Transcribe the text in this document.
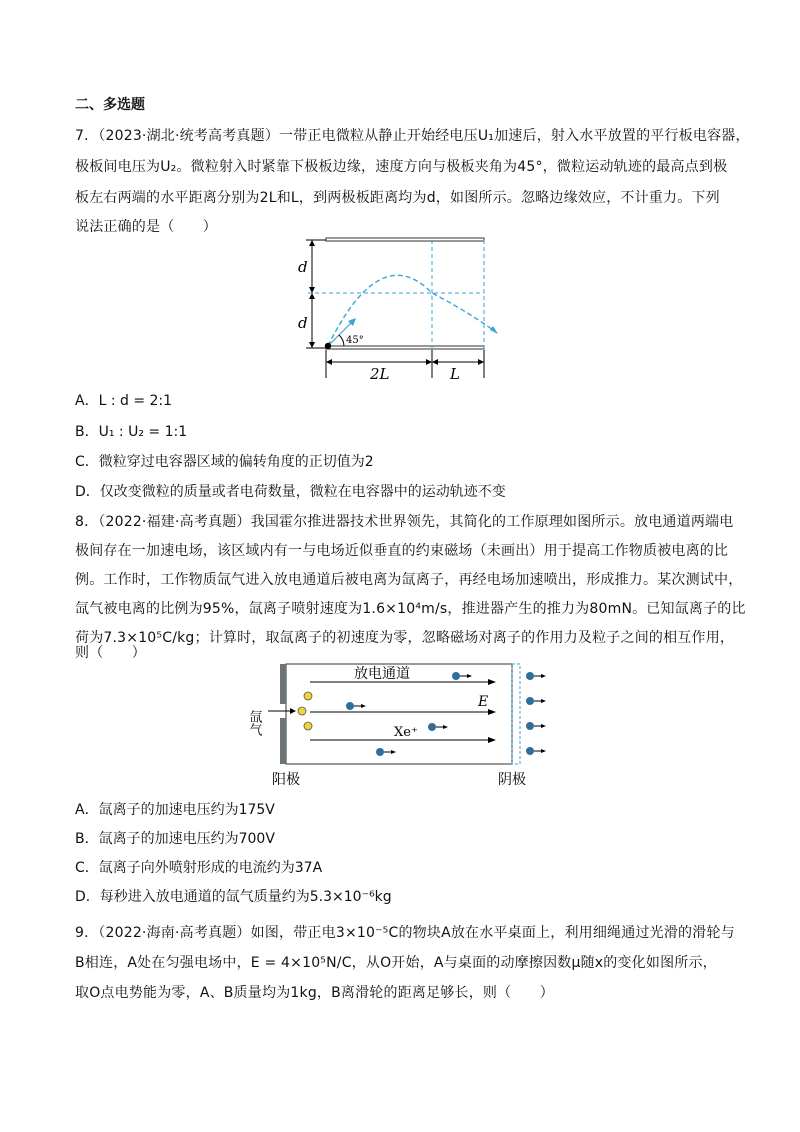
二、多选题
7．（2023·湖北·统考高考真题）一带正电微粒从静止开始经电压U₁加速后，射入水平放置的平行板电容器，
极板间电压为U₂。微粒射入时紧靠下极板边缘，速度方向与极板夹角为45°，微粒运动轨迹的最高点到极
板左右两端的水平距离分别为2L和L，到两极板距离均为d，如图所示。忽略边缘效应，不计重力。下列
说法正确的是（　　）
d
d
45°
2L	L
A．L : d = 2:1
B．U₁ : U₂ = 1:1
C．微粒穿过电容器区域的偏转角度的正切值为2
D．仅改变微粒的质量或者电荷数量，微粒在电容器中的运动轨迹不变
8．（2022·福建·高考真题）我国霍尔推进器技术世界领先，其简化的工作原理如图所示。放电通道两端电
极间存在一加速电场，该区域内有一与电场近似垂直的约束磁场（未画出）用于提高工作物质被电离的比
例。工作时，工作物质氙气进入放电通道后被电离为氙离子，再经电场加速喷出，形成推力。某次测试中，
氙气被电离的比例为95%，氙离子喷射速度为1.6×10⁴m/s，推进器产生的推力为80mN。已知氙离子的比
荷为7.3×10⁵C/kg；计算时，取氙离子的初速度为零，忽略磁场对离子的作用力及粒子之间的相互作用，
则（　　）
放电通道
E
Xe⁺
氙气
阳极	阴极
A．氙离子的加速电压约为175V
B．氙离子的加速电压约为700V
C．氙离子向外喷射形成的电流约为37A
D．每秒进入放电通道的氙气质量约为5.3×10⁻⁶kg
9．（2022·海南·高考真题）如图，带正电3×10⁻⁵C的物块A放在水平桌面上，利用细绳通过光滑的滑轮与
B相连，A处在匀强电场中，E = 4×10⁵N/C，从O开始，A与桌面的动摩擦因数μ随x的变化如图所示，
取O点电势能为零，A、B质量均为1kg，B离滑轮的距离足够长，则（　　）
